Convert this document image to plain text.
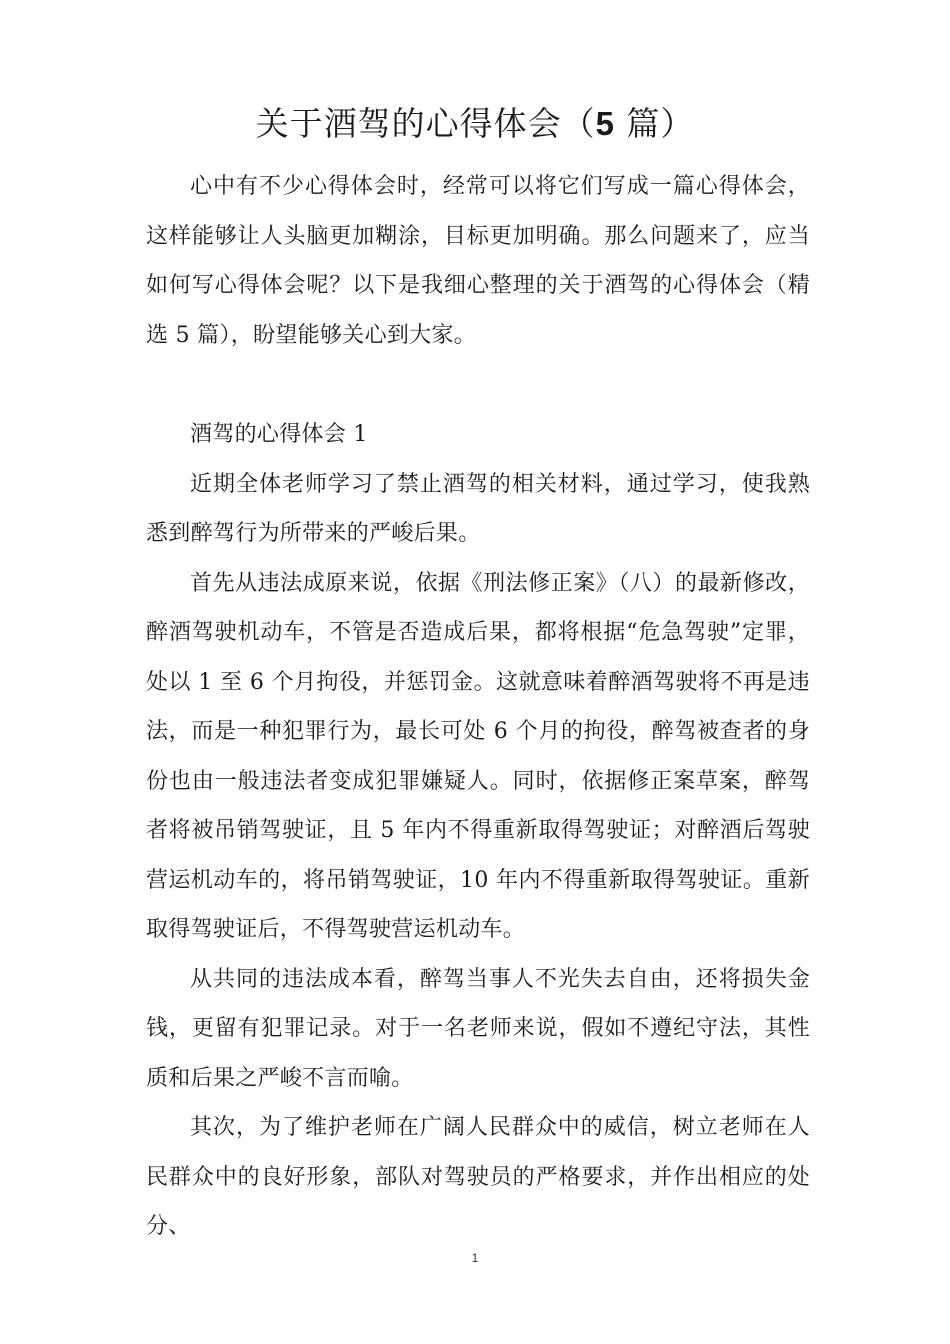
关于酒驾的心得体会（5 篇）

心中有不少心得体会时，经常可以将它们写成一篇心得体会，这样能够让人头脑更加糊涂，目标更加明确。那么问题来了，应当如何写心得体会呢？以下是我细心整理的关于酒驾的心得体会（精选 5 篇），盼望能够关心到大家。

酒驾的心得体会 1

近期全体老师学习了禁止酒驾的相关材料，通过学习，使我熟悉到醉驾行为所带来的严峻后果。

首先从违法成原来说，依据《刑法修正案》（八）的最新修改，醉酒驾驶机动车，不管是否造成后果，都将根据“危急驾驶”定罪，处以 1 至 6 个月拘役，并惩罚金。这就意味着醉酒驾驶将不再是违法，而是一种犯罪行为，最长可处 6 个月的拘役，醉驾被查者的身份也由一般违法者变成犯罪嫌疑人。同时，依据修正案草案，醉驾者将被吊销驾驶证，且 5 年内不得重新取得驾驶证；对醉酒后驾驶营运机动车的，将吊销驾驶证，10 年内不得重新取得驾驶证。重新取得驾驶证后，不得驾驶营运机动车。

从共同的违法成本看，醉驾当事人不光失去自由，还将损失金钱，更留有犯罪记录。对于一名老师来说，假如不遵纪守法，其性质和后果之严峻不言而喻。

其次，为了维护老师在广阔人民群众中的威信，树立老师在人民群众中的良好形象，部队对驾驶员的严格要求，并作出相应的处分、

1
